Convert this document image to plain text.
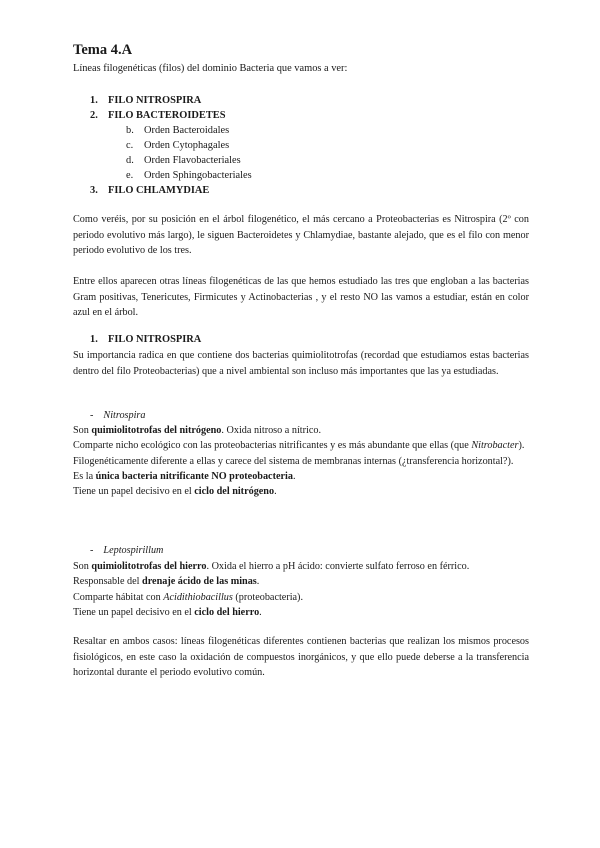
Tema 4.A

Líneas filogenéticas (filos) del dominio Bacteria que vamos a ver:

1. FILO NITROSPIRA
2. FILO BACTEROIDETES
b. Orden Bacteroidales
c. Orden Cytophagales
d. Orden Flavobacteriales
e. Orden Sphingobacteriales
3. FILO CHLAMYDIAE

Como veréis, por su posición en el árbol filogenético, el más cercano a Proteobacterias es Nitrospira (2º con periodo evolutivo más largo), le siguen Bacteroidetes y Chlamydiae, bastante alejado, que es el filo con menor periodo evolutivo de los tres.

Entre ellos aparecen otras líneas filogenéticas de las que hemos estudiado las tres que engloban a las bacterias Gram positivas, Tenericutes, Firmicutes y Actinobacterias , y el resto NO las vamos a estudiar, están en color azul en el árbol.

1. FILO NITROSPIRA

Su importancia radica en que contiene dos bacterias quimiolitotrofas (recordad que estudiamos estas bacterias dentro del filo Proteobacterias) que a nivel ambiental son incluso más importantes que las ya estudiadas.

- Nitrospira

Son quimiolitotrofas del nitrógeno. Oxida nitroso a nítrico.

Comparte nicho ecológico con las proteobacterias nitrificantes y es más abundante que ellas (que Nitrobacter).

Filogenéticamente diferente a ellas y carece del sistema de membranas internas (¿transferencia horizontal?).

Es la única bacteria nitrificante NO proteobacteria.

Tiene un papel decisivo en el ciclo del nitrógeno.

- Leptospirillum

Son quimiolitotrofas del hierro. Oxida el hierro a pH ácido: convierte sulfato ferroso en férrico.

Responsable del drenaje ácido de las minas.

Comparte hábitat con Acidithiobacillus (proteobacteria).

Tiene un papel decisivo en el ciclo del hierro.

Resaltar en ambos casos: líneas filogenéticas diferentes contienen bacterias que realizan los mismos procesos fisiológicos, en este caso la oxidación de compuestos inorgánicos, y que ello puede deberse a la transferencia horizontal durante el periodo evolutivo común.
